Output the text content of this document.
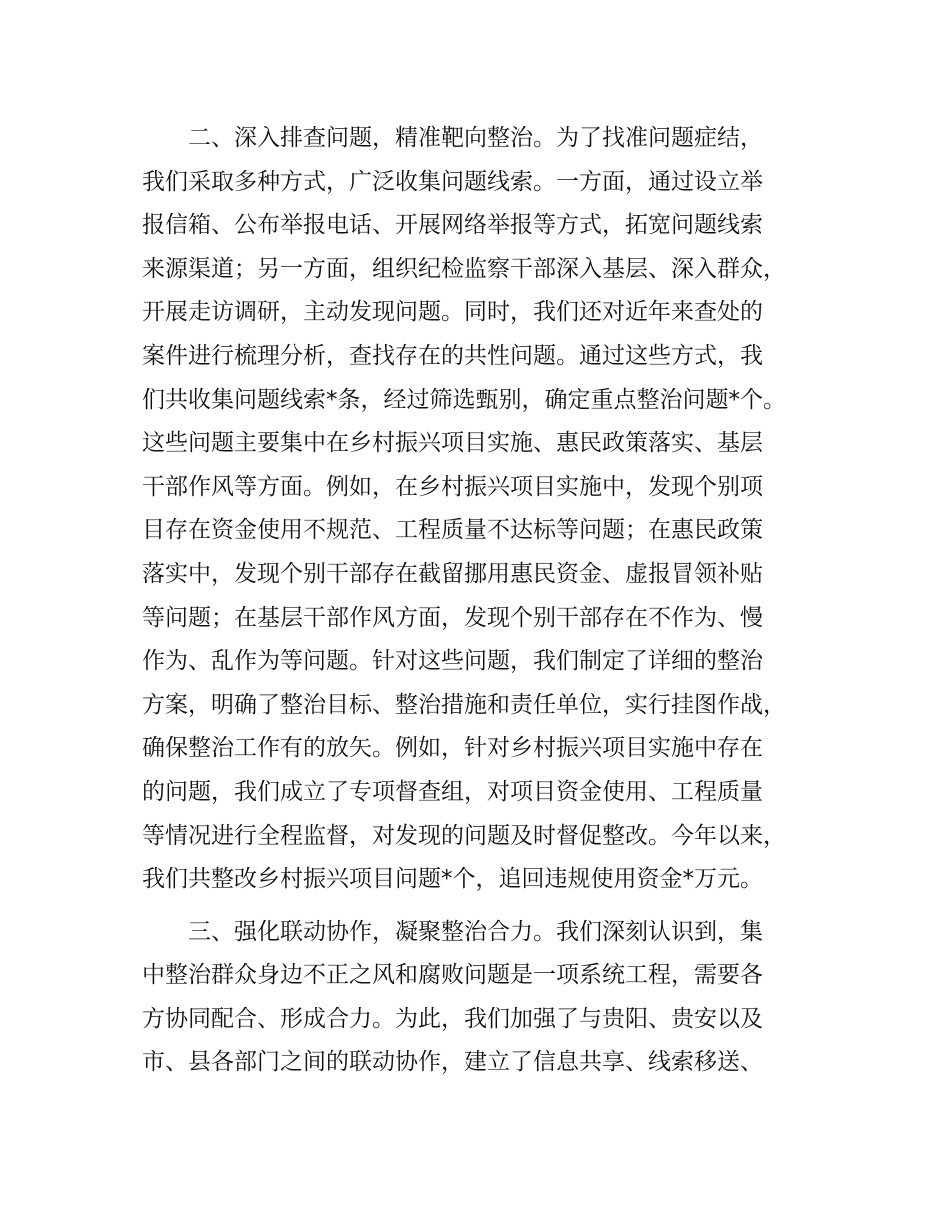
二、深入排查问题，精准靶向整治。为了找准问题症结，
我们采取多种方式，广泛收集问题线索。一方面，通过设立举
报信箱、公布举报电话、开展网络举报等方式，拓宽问题线索
来源渠道；另一方面，组织纪检监察干部深入基层、深入群众，
开展走访调研，主动发现问题。同时，我们还对近年来查处的
案件进行梳理分析，查找存在的共性问题。通过这些方式，我
们共收集问题线索*条，经过筛选甄别，确定重点整治问题*个。
这些问题主要集中在乡村振兴项目实施、惠民政策落实、基层
干部作风等方面。例如，在乡村振兴项目实施中，发现个别项
目存在资金使用不规范、工程质量不达标等问题；在惠民政策
落实中，发现个别干部存在截留挪用惠民资金、虚报冒领补贴
等问题；在基层干部作风方面，发现个别干部存在不作为、慢
作为、乱作为等问题。针对这些问题，我们制定了详细的整治
方案，明确了整治目标、整治措施和责任单位，实行挂图作战，
确保整治工作有的放矢。例如，针对乡村振兴项目实施中存在
的问题，我们成立了专项督查组，对项目资金使用、工程质量
等情况进行全程监督，对发现的问题及时督促整改。今年以来，
我们共整改乡村振兴项目问题*个，追回违规使用资金*万元。
三、强化联动协作，凝聚整治合力。我们深刻认识到，集
中整治群众身边不正之风和腐败问题是一项系统工程，需要各
方协同配合、形成合力。为此，我们加强了与贵阳、贵安以及
市、县各部门之间的联动协作，建立了信息共享、线索移送、
